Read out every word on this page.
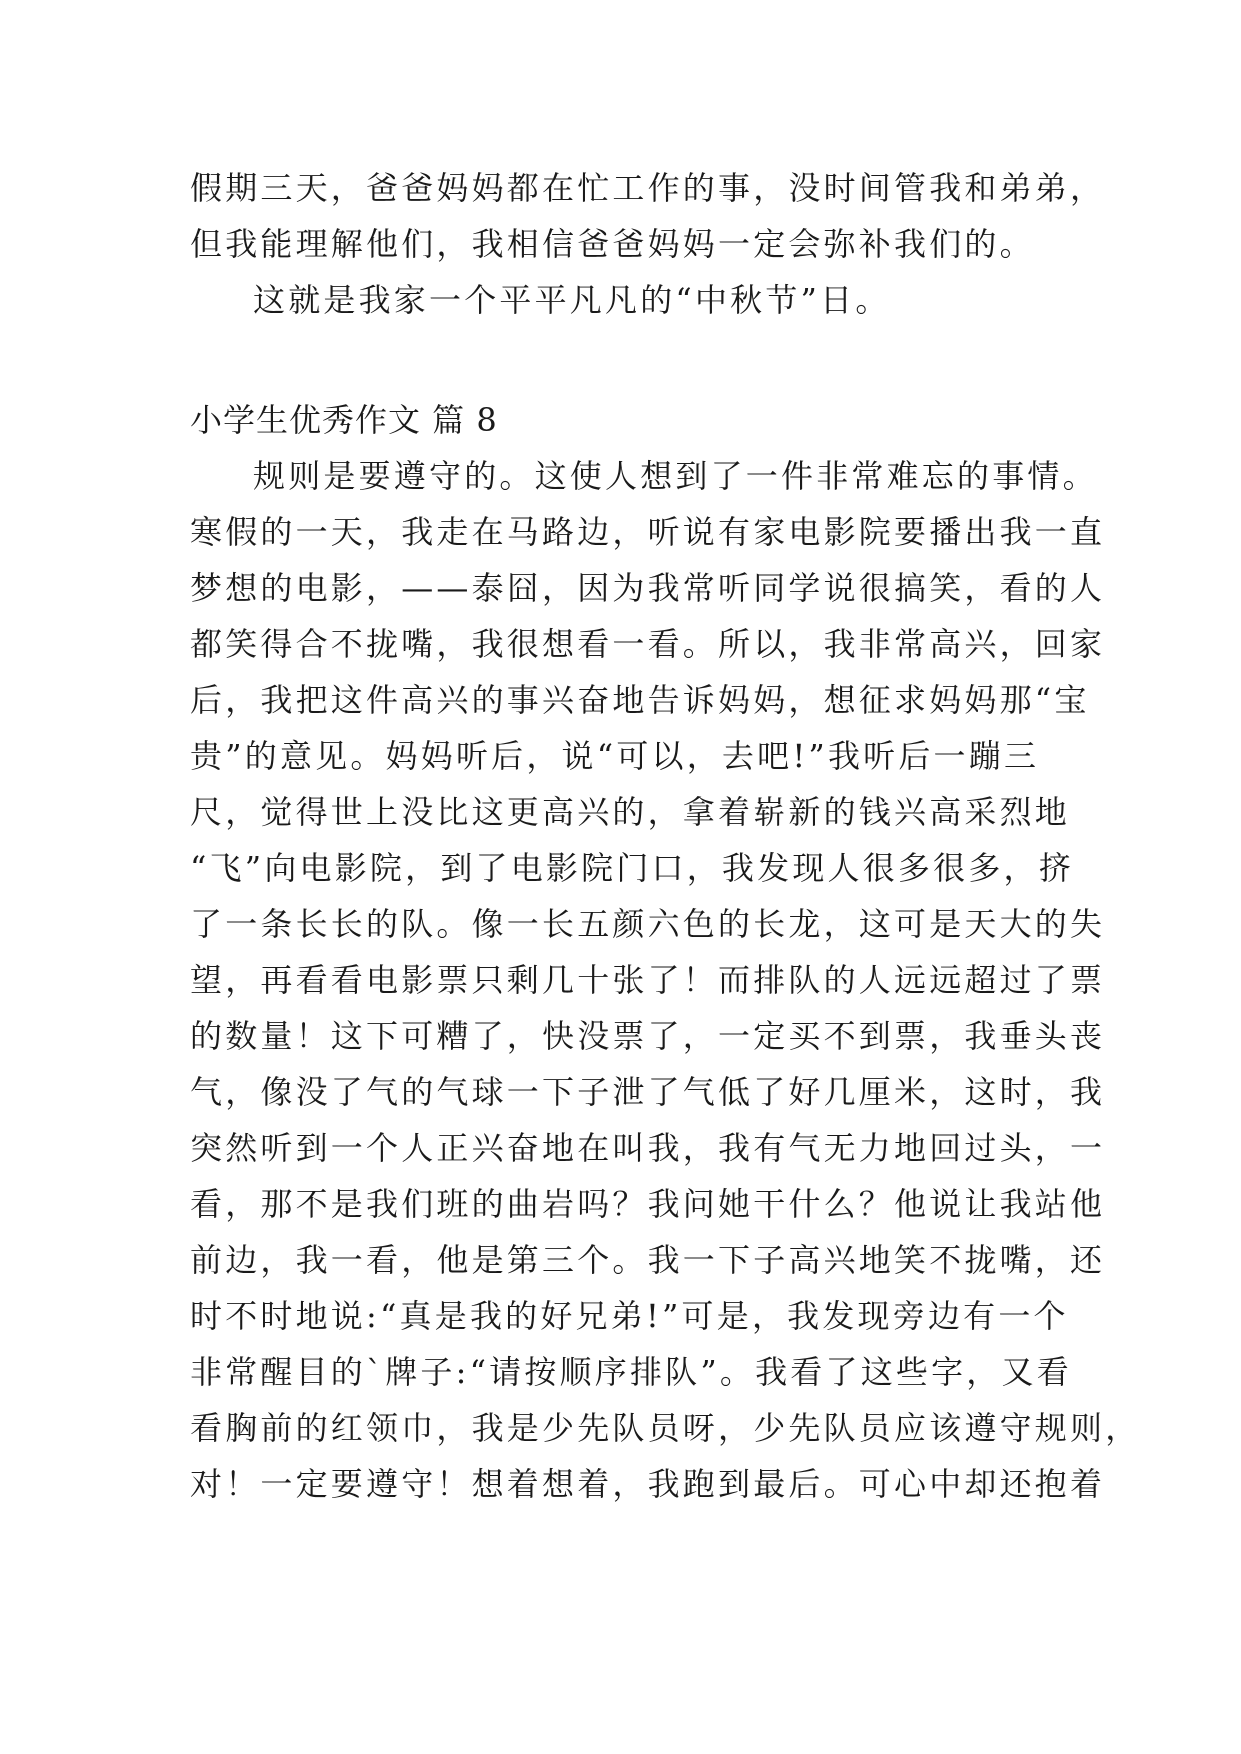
假期三天，爸爸妈妈都在忙工作的事，没时间管我和弟弟，
但我能理解他们，我相信爸爸妈妈一定会弥补我们的。
这就是我家一个平平凡凡的“中秋节”日。
小学生优秀作文 篇 8
规则是要遵守的。这使人想到了一件非常难忘的事情。
寒假的一天，我走在马路边，听说有家电影院要播出我一直
梦想的电影，——泰囧，因为我常听同学说很搞笑，看的人
都笑得合不拢嘴，我很想看一看。所以，我非常高兴，回家
后，我把这件高兴的事兴奋地告诉妈妈，想征求妈妈那“宝
贵”的意见。妈妈听后，说“可以，去吧!”我听后一蹦三
尺，觉得世上没比这更高兴的，拿着崭新的钱兴高采烈地
“飞”向电影院，到了电影院门口，我发现人很多很多，挤
了一条长长的队。像一长五颜六色的长龙，这可是天大的失
望，再看看电影票只剩几十张了！而排队的人远远超过了票
的数量！这下可糟了，快没票了，一定买不到票，我垂头丧
气，像没了气的气球一下子泄了气低了好几厘米，这时，我
突然听到一个人正兴奋地在叫我，我有气无力地回过头，一
看，那不是我们班的曲岩吗？我问她干什么？他说让我站他
前边，我一看，他是第三个。我一下子高兴地笑不拢嘴，还
时不时地说:“真是我的好兄弟!”可是，我发现旁边有一个
非常醒目的`牌子:“请按顺序排队”。我看了这些字，又看
看胸前的红领巾，我是少先队员呀，少先队员应该遵守规则，
对！一定要遵守！想着想着，我跑到最后。可心中却还抱着
